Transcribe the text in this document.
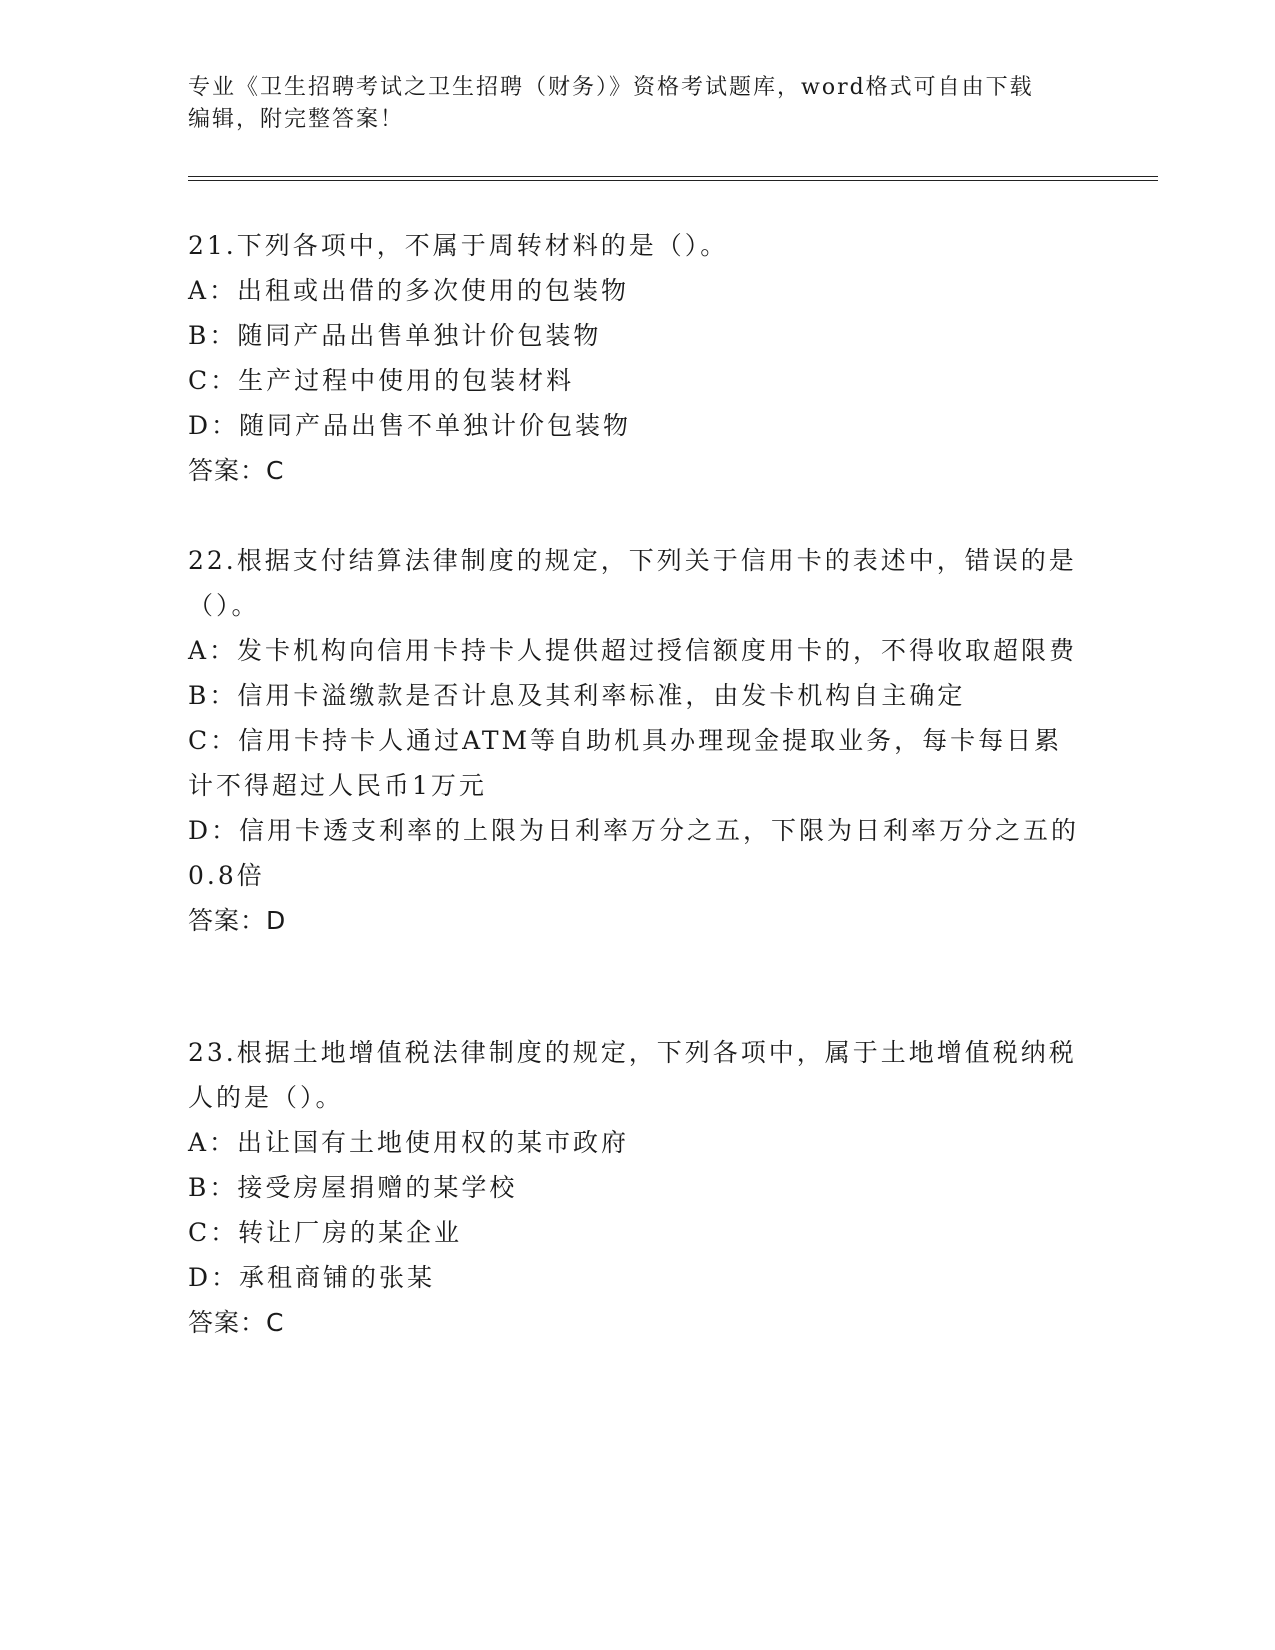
专业《卫生招聘考试之卫生招聘（财务）》资格考试题库，word格式可自由下载
编辑，附完整答案！
21.下列各项中，不属于周转材料的是（）。
A：出租或出借的多次使用的包装物
B：随同产品出售单独计价包装物
C：生产过程中使用的包装材料
D：随同产品出售不单独计价包装物
答案：C
22.根据支付结算法律制度的规定，下列关于信用卡的表述中，错误的是（）。
A：发卡机构向信用卡持卡人提供超过授信额度用卡的，不得收取超限费
B：信用卡溢缴款是否计息及其利率标准，由发卡机构自主确定
C：信用卡持卡人通过ATM等自助机具办理现金提取业务，每卡每日累计不得超过人民币1万元
D：信用卡透支利率的上限为日利率万分之五，下限为日利率万分之五的0.8倍
答案：D
23.根据土地增值税法律制度的规定，下列各项中，属于土地增值税纳税人的是（）。
A：出让国有土地使用权的某市政府
B：接受房屋捐赠的某学校
C：转让厂房的某企业
D：承租商铺的张某
答案：C
